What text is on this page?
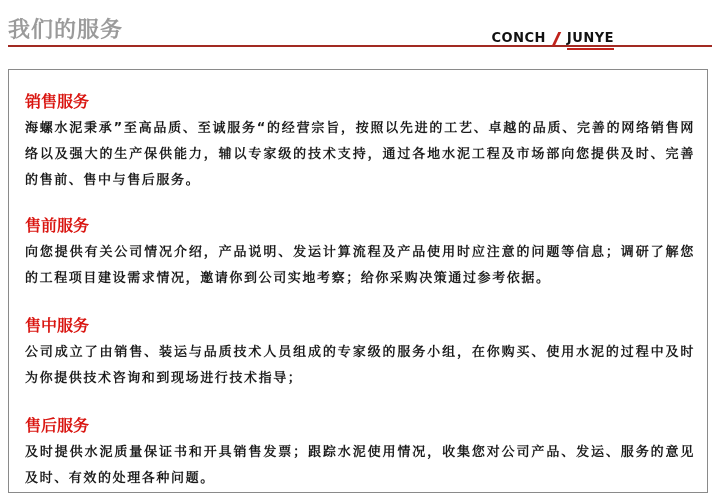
我们的服务	CONCH JUNYE
销售服务
海螺水泥秉承”至高品质、至诚服务“的经营宗旨，按照以先进的工艺、卓越的品质、完善的网络销售网络以及强大的生产保供能力，辅以专家级的技术支持，通过各地水泥工程及市场部向您提供及时、完善的售前、售中与售后服务。
售前服务
向您提供有关公司情况介绍，产品说明、发运计算流程及产品使用时应注意的问题等信息；调研了解您的工程项目建设需求情况，邀请你到公司实地考察；给你采购决策通过参考依据。
售中服务
公司成立了由销售、装运与品质技术人员组成的专家级的服务小组，在你购买、使用水泥的过程中及时为你提供技术咨询和到现场进行技术指导；
售后服务
及时提供水泥质量保证书和开具销售发票；跟踪水泥使用情况，收集您对公司产品、发运、服务的意见及时、有效的处理各种问题。
